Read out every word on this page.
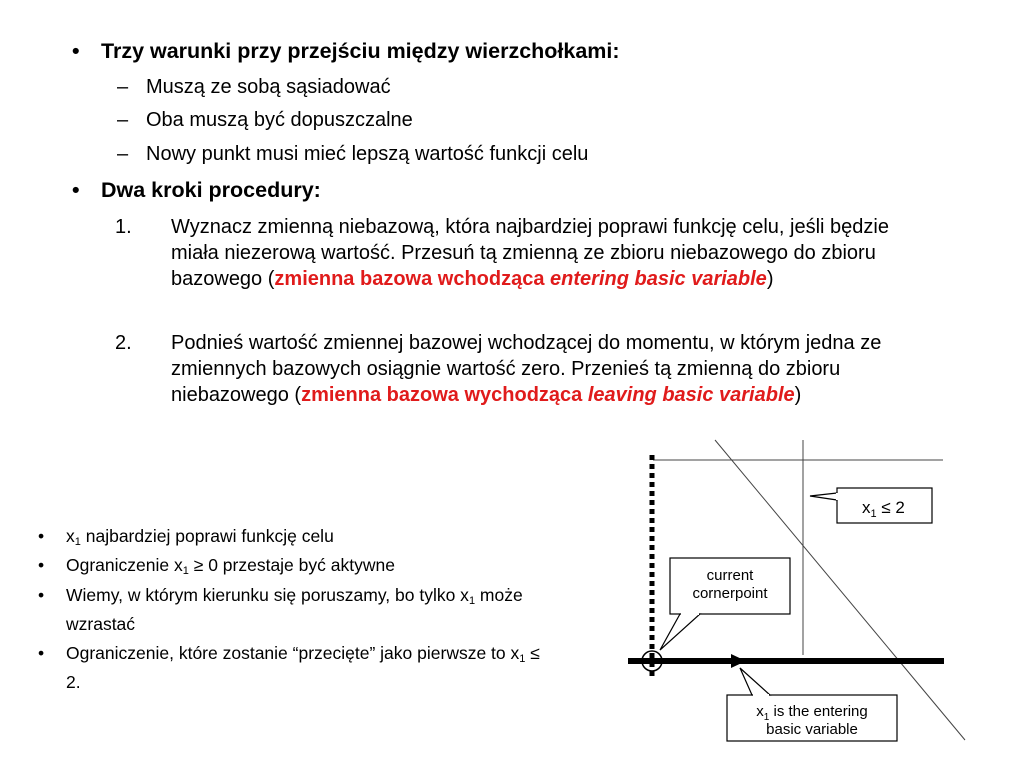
• Trzy warunki przy przejściu między wierzchołkami:
– Muszą ze sobą sąsiadować
– Oba muszą być dopuszczalne
– Nowy punkt musi mieć lepszą wartość funkcji celu
• Dwa kroki procedury:
1. Wyznacz zmienną niebazową, która najbardziej poprawi funkcję celu, jeśli będzie miała niezerową wartość. Przesuń tą zmienną ze zbioru niebazowego do zbioru bazowego (zmienna bazowa wchodząca entering basic variable)
2. Podnieś wartość zmiennej bazowej wchodzącej do momentu, w którym jedna ze zmiennych bazowych osiągnie wartość zero. Przenieś tą zmienną do zbioru niebazowego (zmienna bazowa wychodząca leaving basic variable)
• $x_1$ najbardziej poprawi funkcję celu
• Ograniczenie $x_1 \ge 0$ przestaje być aktywne
• Wiemy, w którym kierunku się poruszamy, bo tylko $x_1$ może wzrastać
• Ograniczenie, które zostanie “przecięte” jako pierwsze to $x_1 \le 2$.
$x_1 \le 2$
current
cornerpoint
$x_1$ is the entering
basic variable
